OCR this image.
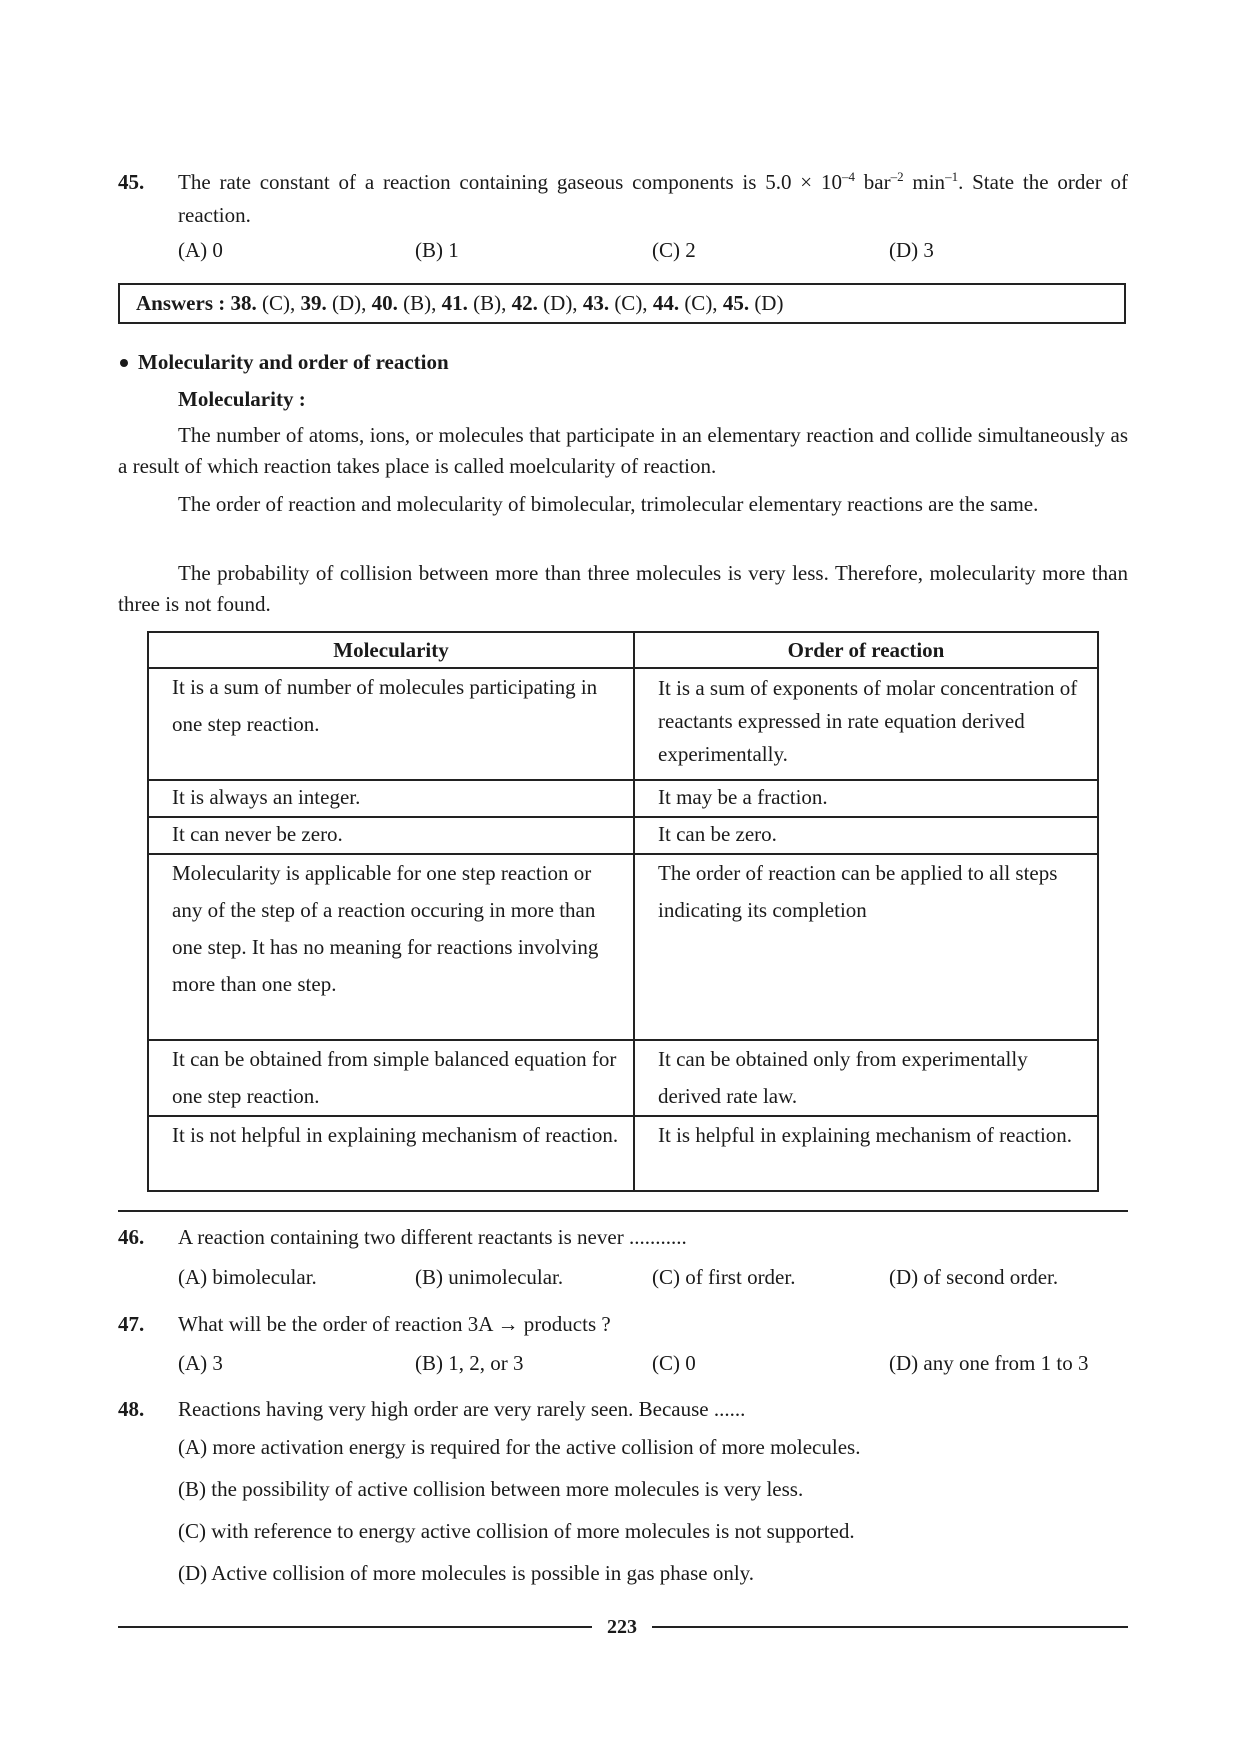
45. The rate constant of a reaction containing gaseous components is $5.0 \times 10^{-4}$ bar$^{-2}$ $\min^{-1}$. State the order of reaction.
(A) 0	(B) 1	(C) 2	(D) 3
Answers : 38. (C), 39. (D), 40. (B), 41. (B), 42. (D), 43. (C), 44. (C), 45. (D)
Molecularity and order of reaction
Molecularity :
The number of atoms, ions, or molecules that participate in an elementary reaction and collide simultaneously as a result of which reaction takes place is called moelcularity of reaction.
The order of reaction and molecularity of bimolecular, trimolecular elementary reactions are the same.
The probability of collision between more than three molecules is very less. Therefore, molecularity more than three is not found.
Molecularity	Order of reaction
It is a sum of number of molecules participating in one step reaction.	It is a sum of exponents of molar concentration of reactants expressed in rate equation derived experimentally.
It is always an integer.	It may be a fraction.
It can never be zero.	It can be zero.
Molecularity is applicable for one step reaction or any of the step of a reaction occuring in more than one step. It has no meaning for reactions involving more than one step.	The order of reaction can be applied to all steps indicating its completion
It can be obtained from simple balanced equation for one step reaction.	It can be obtained only from experimentally derived rate law.
It is not helpful in explaining mechanism of reaction.	It is helpful in explaining mechanism of reaction.
46. A reaction containing two different reactants is never ...........
(A) bimolecular.	(B) unimolecular.	(C) of first order.	(D) of second order.
47. What will be the order of reaction 3A → products ?
(A) 3	(B) 1, 2, or 3	(C) 0	(D) any one from 1 to 3
48. Reactions having very high order are very rarely seen. Because ......
(A) more activation energy is required for the active collision of more molecules.
(B) the possibility of active collision between more molecules is very less.
(C) with reference to energy active collision of more molecules is not supported.
(D) Active collision of more molecules is possible in gas phase only.
223
